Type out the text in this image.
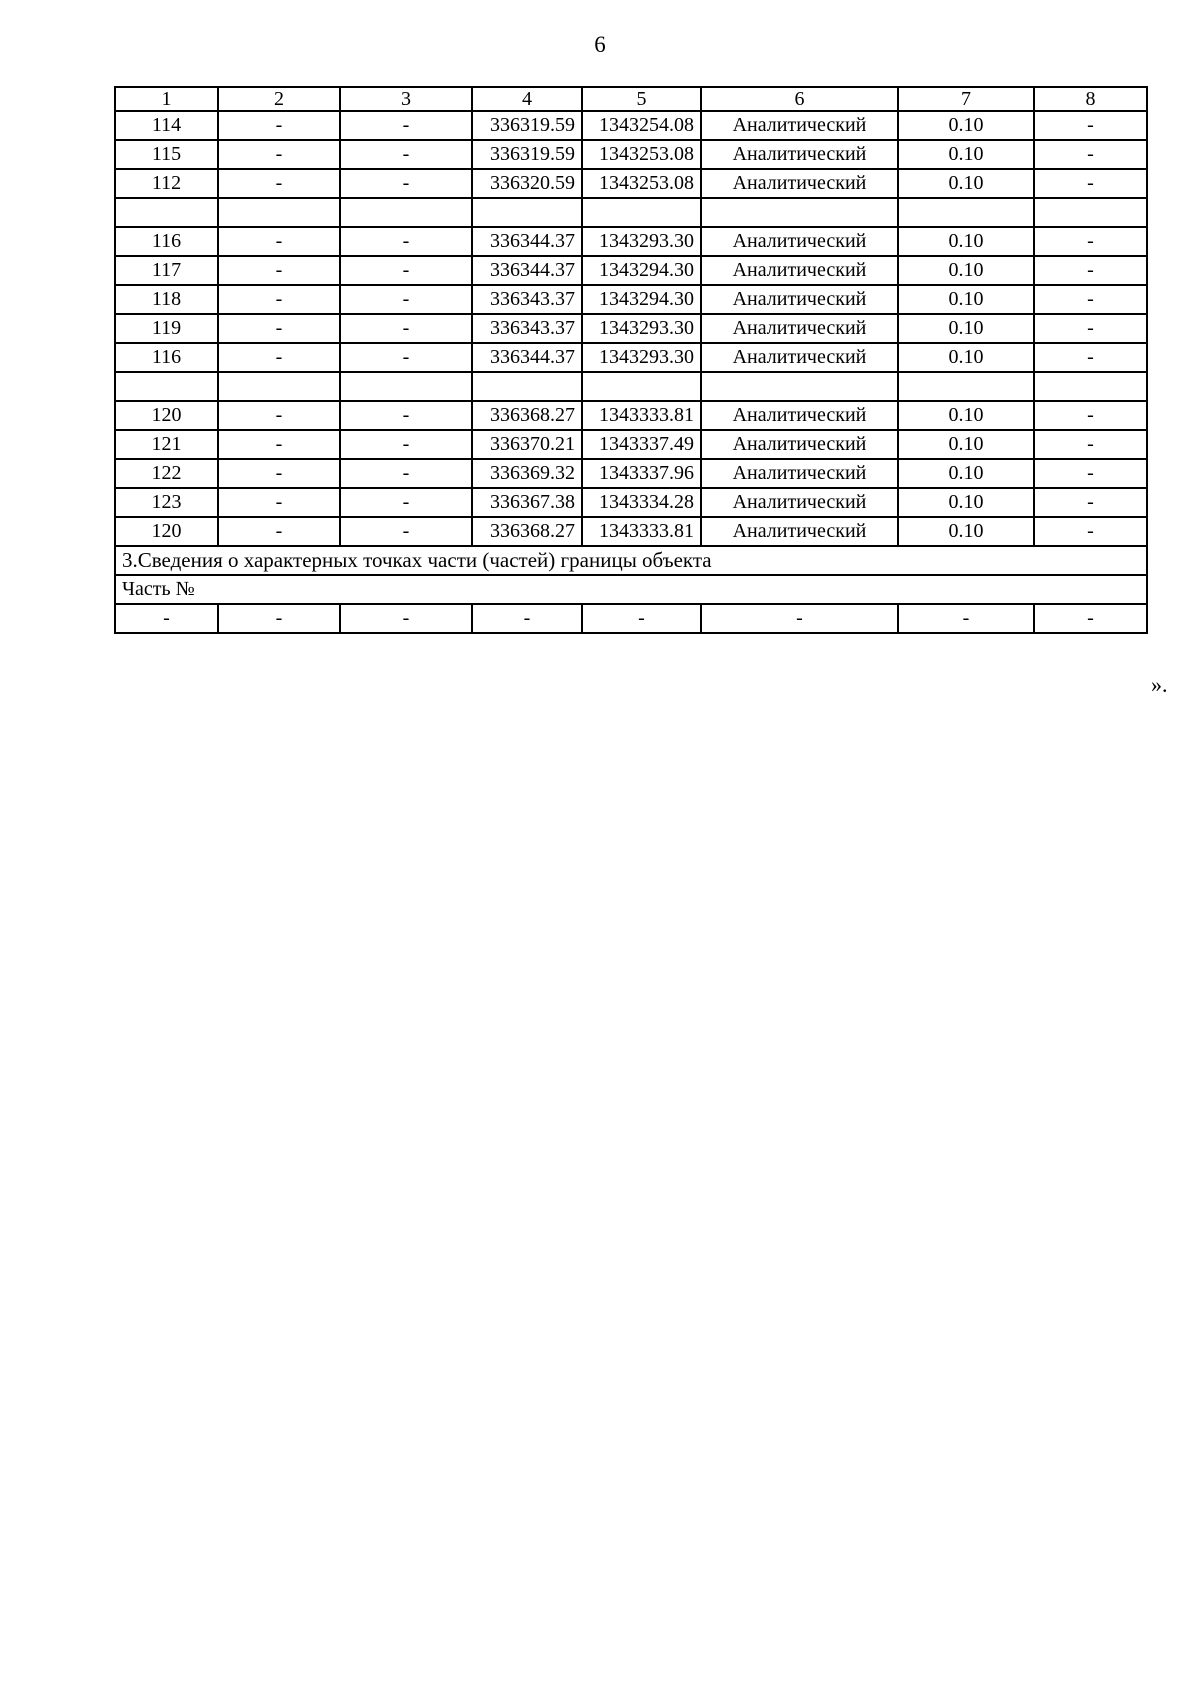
6
1	2	3	4	5	6	7	8
114	-	-	336319.59	1343254.08	Аналитический	0.10	-
115	-	-	336319.59	1343253.08	Аналитический	0.10	-
112	-	-	336320.59	1343253.08	Аналитический	0.10	-

116	-	-	336344.37	1343293.30	Аналитический	0.10	-
117	-	-	336344.37	1343294.30	Аналитический	0.10	-
118	-	-	336343.37	1343294.30	Аналитический	0.10	-
119	-	-	336343.37	1343293.30	Аналитический	0.10	-
116	-	-	336344.37	1343293.30	Аналитический	0.10	-

120	-	-	336368.27	1343333.81	Аналитический	0.10	-
121	-	-	336370.21	1343337.49	Аналитический	0.10	-
122	-	-	336369.32	1343337.96	Аналитический	0.10	-
123	-	-	336367.38	1343334.28	Аналитический	0.10	-
120	-	-	336368.27	1343333.81	Аналитический	0.10	-
3.Сведения о характерных точках части (частей) границы объекта							
Часть №							
-	-	-	-	-	-	-	-
».
